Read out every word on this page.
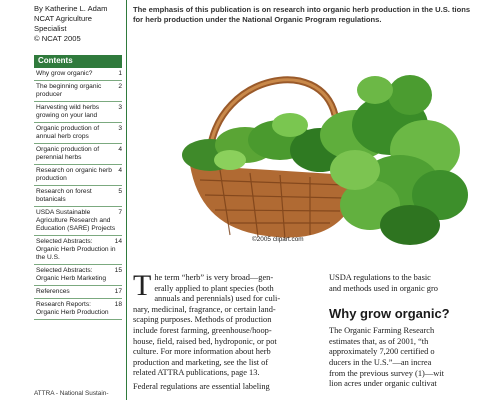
By Katherine L. Adam
NCAT Agriculture
Specialist
© NCAT 2005
Contents
1
Why grow organic?
2
The beginning organic producer
3
Harvesting wild herbs growing on your land
3
Organic production of annual herb crops
4
Organic production of perennial herbs
4
Research on organic herb production
5
Research on forest botanicals
7
USDA Sustainable Agriculture Research and Education (SARE) Projects
14
Selected Abstracts: Organic Herb Production in the U.S.
15
Selected Abstracts: Organic Herb Marketing
17
References
18
Research Reports: Organic Herb Production
ATTRA - National Sustain-
The emphasis of this publication is on research into organic herb production in the U.S. tions for herb production under the National Organic Program regulations.
©2005 clipart.com
T he term “herb” is very broad—gen-
erally applied to plant species (both
annuals and perennials) used for culi-
nary, medicinal, fragrance, or certain land-
scaping purposes. Methods of production
include forest farming, greenhouse/hoop-
house, field, raised bed, hydroponic, or pot
culture. For more information about herb
production and marketing, see the list of
related ATTRA publications, page 13.
Federal regulations are essential labeling
USDA regulations to the basic
and methods used in organic gro
Why grow organic?
The Organic Farming Research
estimates that, as of 2001, “th
approximately 7,200 certified o
ducers in the U.S.”—an increa
from the previous survey (1)—wit
lion acres under organic cultivat
